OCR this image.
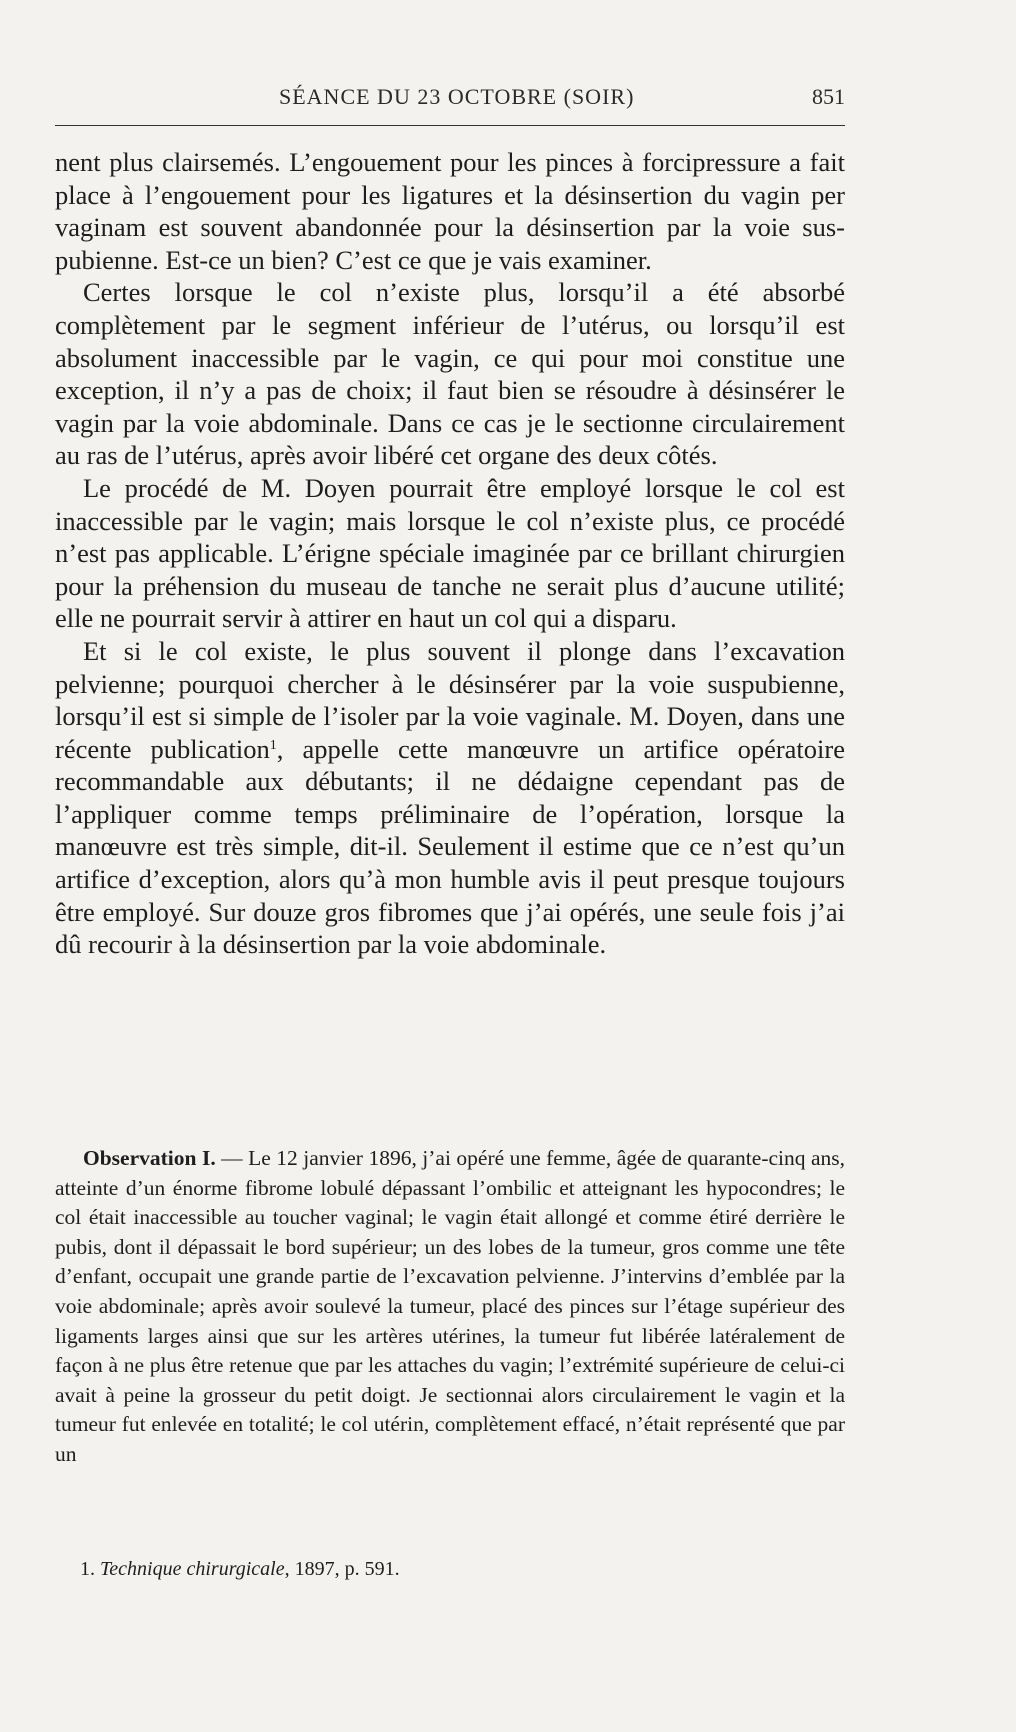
SÉANCE DU 23 OCTOBRE (SOIR)	851

nent plus clairsemés. L’engouement pour les pinces à forcipressure a fait place à l’engouement pour les ligatures et la désinsertion du vagin per vaginam est souvent abandonnée pour la désinsertion par la voie sus-pubienne. Est-ce un bien? C’est ce que je vais examiner.

Certes lorsque le col n’existe plus, lorsqu’il a été absorbé complètement par le segment inférieur de l’utérus, ou lorsqu’il est absolument inaccessible par le vagin, ce qui pour moi constitue une exception, il n’y a pas de choix; il faut bien se résoudre à désinsérer le vagin par la voie abdominale. Dans ce cas je le sectionne circulairement au ras de l’utérus, après avoir libéré cet organe des deux côtés.

Le procédé de M. Doyen pourrait être employé lorsque le col est inaccessible par le vagin; mais lorsque le col n’existe plus, ce procédé n’est pas applicable. L’érigne spéciale imaginée par ce brillant chirurgien pour la préhension du museau de tanche ne serait plus d’aucune utilité; elle ne pourrait servir à attirer en haut un col qui a disparu.

Et si le col existe, le plus souvent il plonge dans l’excavation pelvienne; pourquoi chercher à le désinsérer par la voie suspubienne, lorsqu’il est si simple de l’isoler par la voie vaginale. M. Doyen, dans une récente publication$^1$, appelle cette manœuvre un artifice opératoire recommandable aux débutants; il ne dédaigne cependant pas de l’appliquer comme temps préliminaire de l’opération, lorsque la manœuvre est très simple, dit-il. Seulement il estime que ce n’est qu’un artifice d’exception, alors qu’à mon humble avis il peut presque toujours être employé. Sur douze gros fibromes que j’ai opérés, une seule fois j’ai dû recourir à la désinsertion par la voie abdominale.

Observation I. — Le 12 janvier 1896, j’ai opéré une femme, âgée de quarante-cinq ans, atteinte d’un énorme fibrome lobulé dépassant l’ombilic et atteignant les hypocondres; le col était inaccessible au toucher vaginal; le vagin était allongé et comme étiré derrière le pubis, dont il dépassait le bord supérieur; un des lobes de la tumeur, gros comme une tête d’enfant, occupait une grande partie de l’excavation pelvienne. J’intervins d’emblée par la voie abdominale; après avoir soulevé la tumeur, placé des pinces sur l’étage supérieur des ligaments larges ainsi que sur les artères utérines, la tumeur fut libérée latéralement de façon à ne plus être retenue que par les attaches du vagin; l’extrémité supérieure de celui-ci avait à peine la grosseur du petit doigt. Je sectionnai alors circulairement le vagin et la tumeur fut enlevée en totalité; le col utérin, complètement effacé, n’était représenté que par un

1. Technique chirurgicale, 1897, p. 591.
